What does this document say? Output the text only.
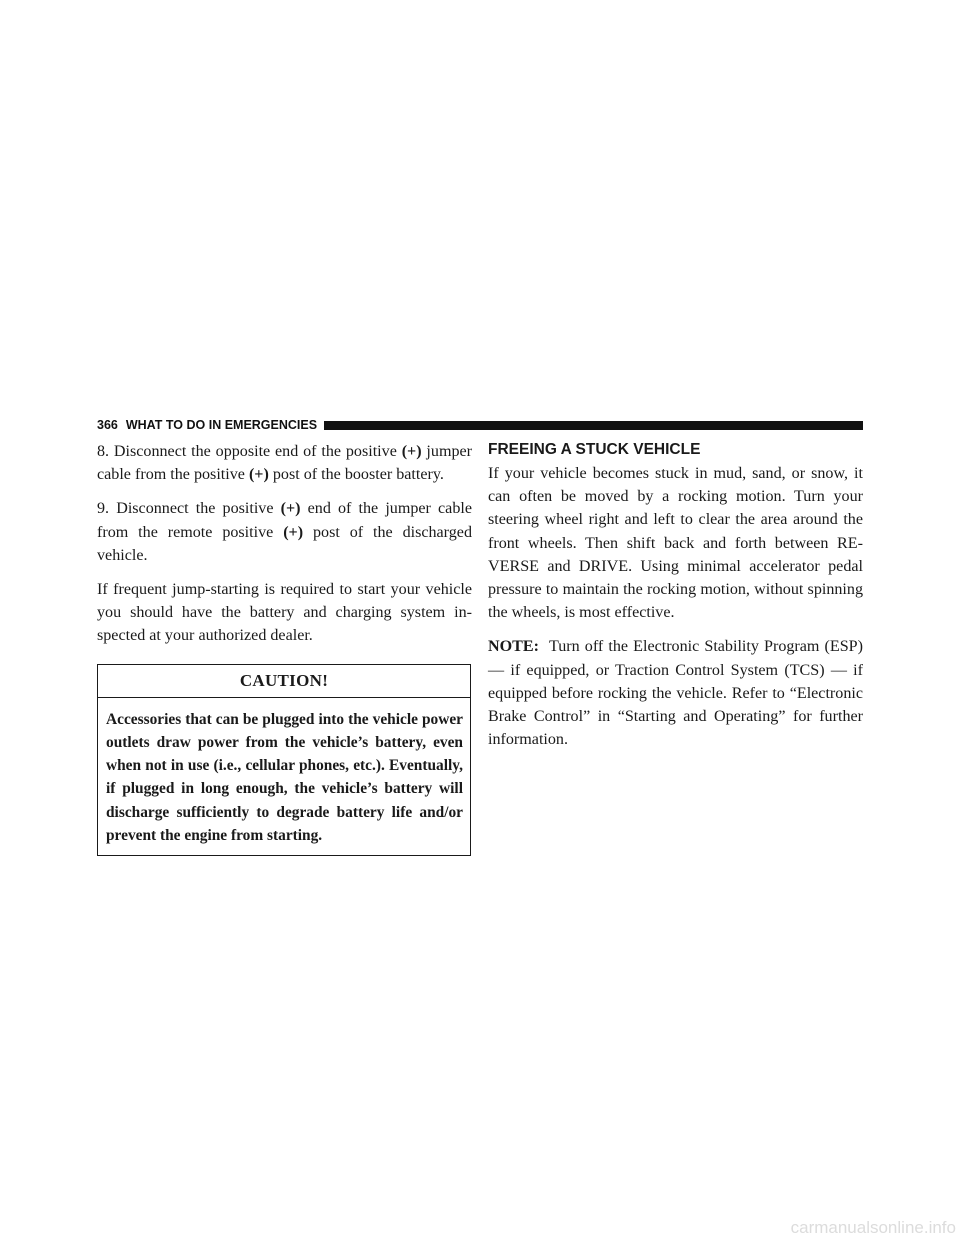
366 WHAT TO DO IN EMERGENCIES

8. Disconnect the opposite end of the positive (+) jumper cable from the positive (+) post of the booster battery.

9. Disconnect the positive (+) end of the jumper cable from the remote positive (+) post of the discharged vehicle.

If frequent jump-starting is required to start your vehicle you should have the battery and charging system inspected at your authorized dealer.

CAUTION!
Accessories that can be plugged into the vehicle power outlets draw power from the vehicle’s battery, even when not in use (i.e., cellular phones, etc.). Eventually, if plugged in long enough, the vehicle’s battery will discharge sufficiently to degrade battery life and/or prevent the engine from starting.
FREEING A STUCK VEHICLE

If your vehicle becomes stuck in mud, sand, or snow, it can often be moved by a rocking motion. Turn your steering wheel right and left to clear the area around the front wheels. Then shift back and forth between REVERSE and DRIVE. Using minimal accelerator pedal pressure to maintain the rocking motion, without spinning the wheels, is most effective.

NOTE: Turn off the Electronic Stability Program (ESP) — if equipped, or Traction Control System (TCS) — if equipped before rocking the vehicle. Refer to “Electronic Brake Control” in “Starting and Operating” for further information.

carmanualsonline.info
